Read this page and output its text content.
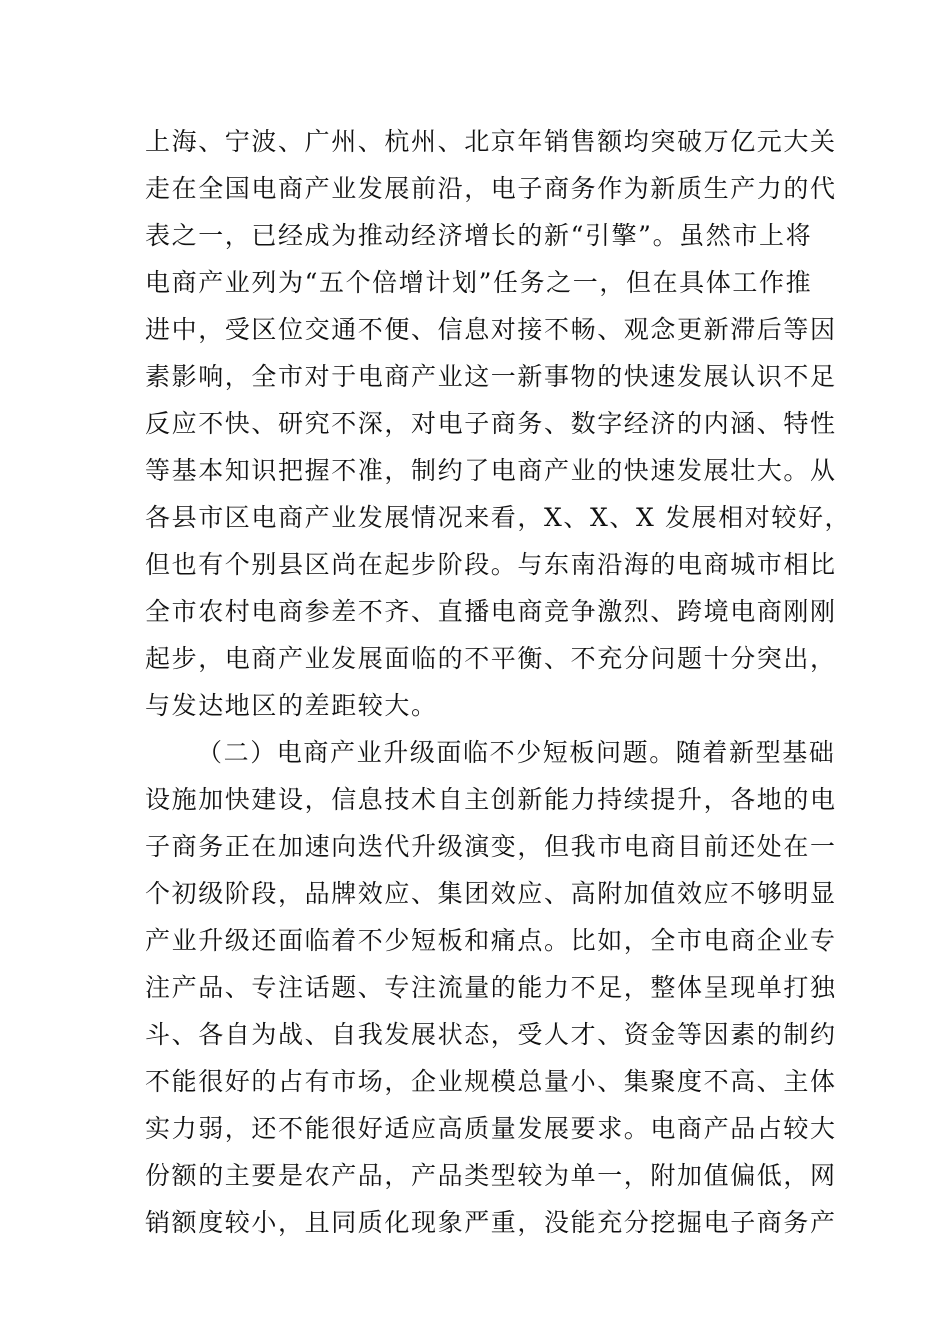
上海、宁波、广州、杭州、北京年销售额均突破万亿元大关
走在全国电商产业发展前沿，电子商务作为新质生产力的代
表之一，已经成为推动经济增长的新“引擎”。虽然市上将
电商产业列为“五个倍增计划”任务之一，但在具体工作推
进中，受区位交通不便、信息对接不畅、观念更新滞后等因
素影响，全市对于电商产业这一新事物的快速发展认识不足
反应不快、研究不深，对电子商务、数字经济的内涵、特性
等基本知识把握不准，制约了电商产业的快速发展壮大。从
各县市区电商产业发展情况来看，X、X、X 发展相对较好，
但也有个别县区尚在起步阶段。与东南沿海的电商城市相比
全市农村电商参差不齐、直播电商竞争激烈、跨境电商刚刚
起步，电商产业发展面临的不平衡、不充分问题十分突出，
与发达地区的差距较大。
（二）电商产业升级面临不少短板问题。随着新型基础
设施加快建设，信息技术自主创新能力持续提升，各地的电
子商务正在加速向迭代升级演变，但我市电商目前还处在一
个初级阶段，品牌效应、集团效应、高附加值效应不够明显
产业升级还面临着不少短板和痛点。比如，全市电商企业专
注产品、专注话题、专注流量的能力不足，整体呈现单打独
斗、各自为战、自我发展状态，受人才、资金等因素的制约
不能很好的占有市场，企业规模总量小、集聚度不高、主体
实力弱，还不能很好适应高质量发展要求。电商产品占较大
份额的主要是农产品，产品类型较为单一，附加值偏低，网
销额度较小，且同质化现象严重，没能充分挖掘电子商务产
